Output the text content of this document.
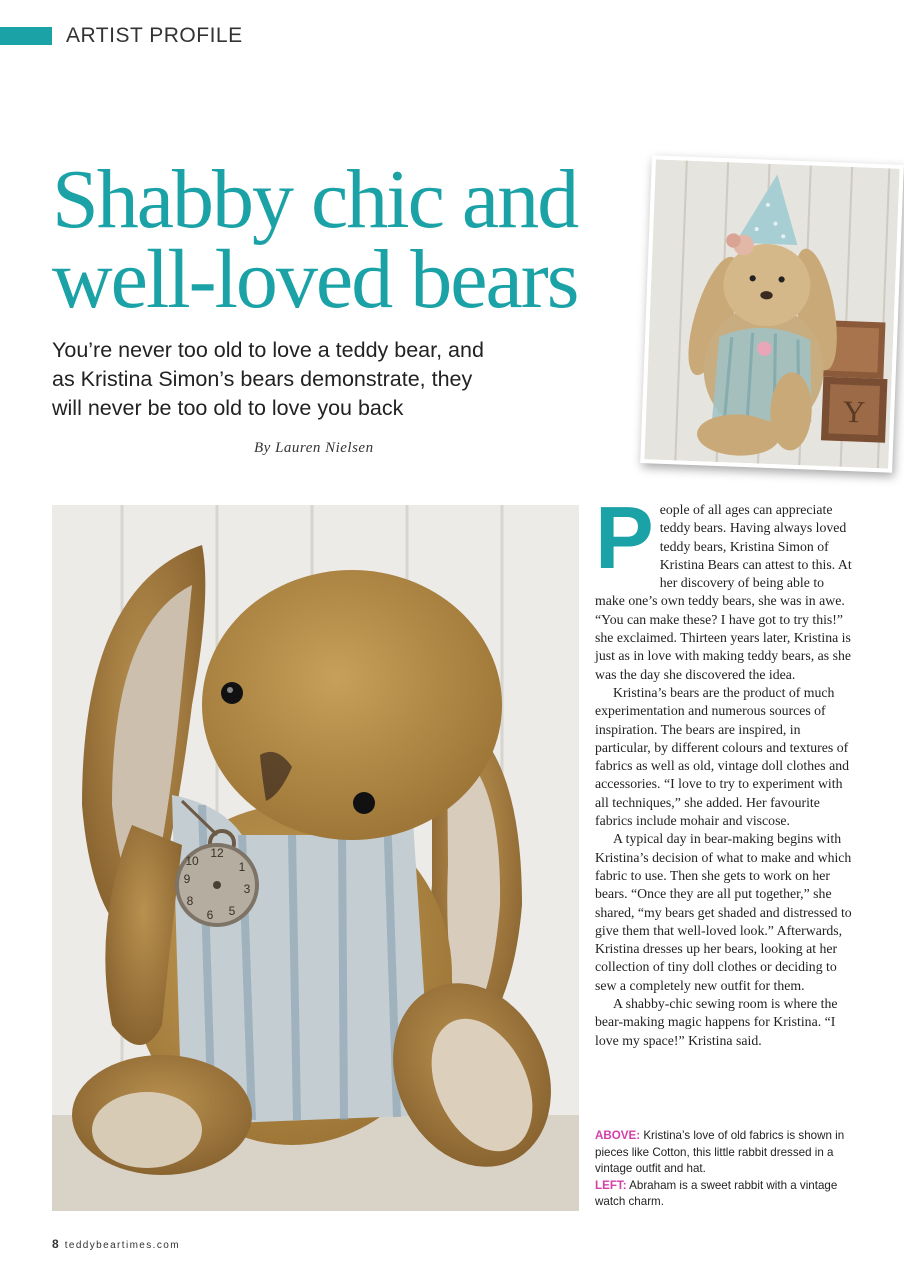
ARTIST PROFILE
Shabby chic and
well-loved bears
You’re never too old to love a teddy bear, and
as Kristina Simon’s bears demonstrate, they
will never be too old to love you back
By Lauren Nielsen
Y
12
1
3
5
6
8
9
10
P eople of all ages can appreciate teddy bears. Having always loved teddy bears, Kristina Simon of Kristina Bears can attest to this. At her discovery of being able to make one’s own teddy bears, she was in awe. “You can make these? I have got to try this!” she exclaimed. Thirteen years later, Kristina is just as in love with making teddy bears, as she was the day she discovered the idea.

Kristina’s bears are the product of much experimentation and numerous sources of inspiration. The bears are inspired, in particular, by different colours and textures of fabrics as well as old, vintage doll clothes and accessories. “I love to try to experiment with all techniques,” she added. Her favourite fabrics include mohair and viscose.

A typical day in bear-making begins with Kristina’s decision of what to make and which fabric to use. Then she gets to work on her bears. “Once they are all put together,” she shared, “my bears get shaded and distressed to give them that well-loved look.” Afterwards, Kristina dresses up her bears, looking at her collection of tiny doll clothes or deciding to sew a completely new outfit for them.

A shabby-chic sewing room is where the bear-making magic happens for Kristina. “I love my space!” Kristina said.

ABOVE: Kristina’s love of old fabrics is shown in pieces like Cotton, this little rabbit dressed in a vintage outfit and hat.

LEFT: Abraham is a sweet rabbit with a vintage watch charm.

8 teddybeartimes.com
